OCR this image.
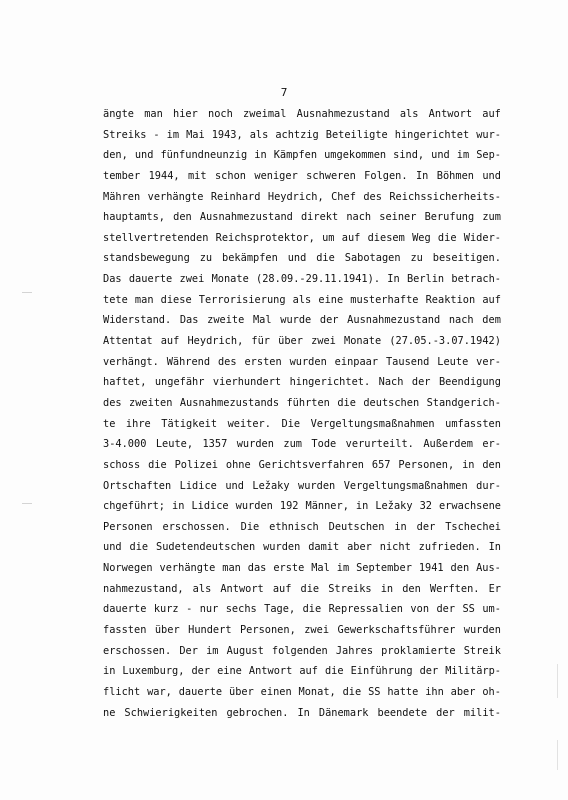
7
ängte man hier noch zweimal Ausnahmezustand als Antwort auf
Streiks - im Mai 1943, als achtzig Beteiligte hingerichtet wur-
den, und fünfundneunzig in Kämpfen umgekommen sind, und im Sep-
tember 1944, mit schon weniger schweren Folgen. In Böhmen und
Mähren verhängte Reinhard Heydrich, Chef des Reichssicherheits-
hauptamts, den Ausnahmezustand direkt nach seiner Berufung zum
stellvertretenden Reichsprotektor, um auf diesem Weg die Wider-
standsbewegung zu bekämpfen und die Sabotagen zu beseitigen.
Das dauerte zwei Monate (28.09.-29.11.1941). In Berlin betrach-
tete man diese Terrorisierung als eine musterhafte Reaktion auf
Widerstand. Das zweite Mal wurde der Ausnahmezustand nach dem
Attentat auf Heydrich, für über zwei Monate (27.05.-3.07.1942)
verhängt. Während des ersten wurden einpaar Tausend Leute ver-
haftet, ungefähr vierhundert hingerichtet. Nach der Beendigung
des zweiten Ausnahmezustands führten die deutschen Standgerich-
te ihre Tätigkeit weiter. Die Vergeltungsmaßnahmen umfassten
3-4.000 Leute, 1357 wurden zum Tode verurteilt. Außerdem er-
schoss die Polizei ohne Gerichtsverfahren 657 Personen, in den
Ortschaften Lidice und Ležaky wurden Vergeltungsmaßnahmen dur-
chgeführt; in Lidice wurden 192 Männer, in Ležaky 32 erwachsene
Personen erschossen. Die ethnisch Deutschen in der Tschechei
und die Sudetendeutschen wurden damit aber nicht zufrieden. In
Norwegen verhängte man das erste Mal im September 1941 den Aus-
nahmezustand, als Antwort auf die Streiks in den Werften. Er
dauerte kurz - nur sechs Tage, die Repressalien von der SS um-
fassten über Hundert Personen, zwei Gewerkschaftsführer wurden
erschossen. Der im August folgenden Jahres proklamierte Streik
in Luxemburg, der eine Antwort auf die Einführung der Militärp-
flicht war, dauerte über einen Monat, die SS hatte ihn aber oh-
ne Schwierigkeiten gebrochen. In Dänemark beendete der milit-
